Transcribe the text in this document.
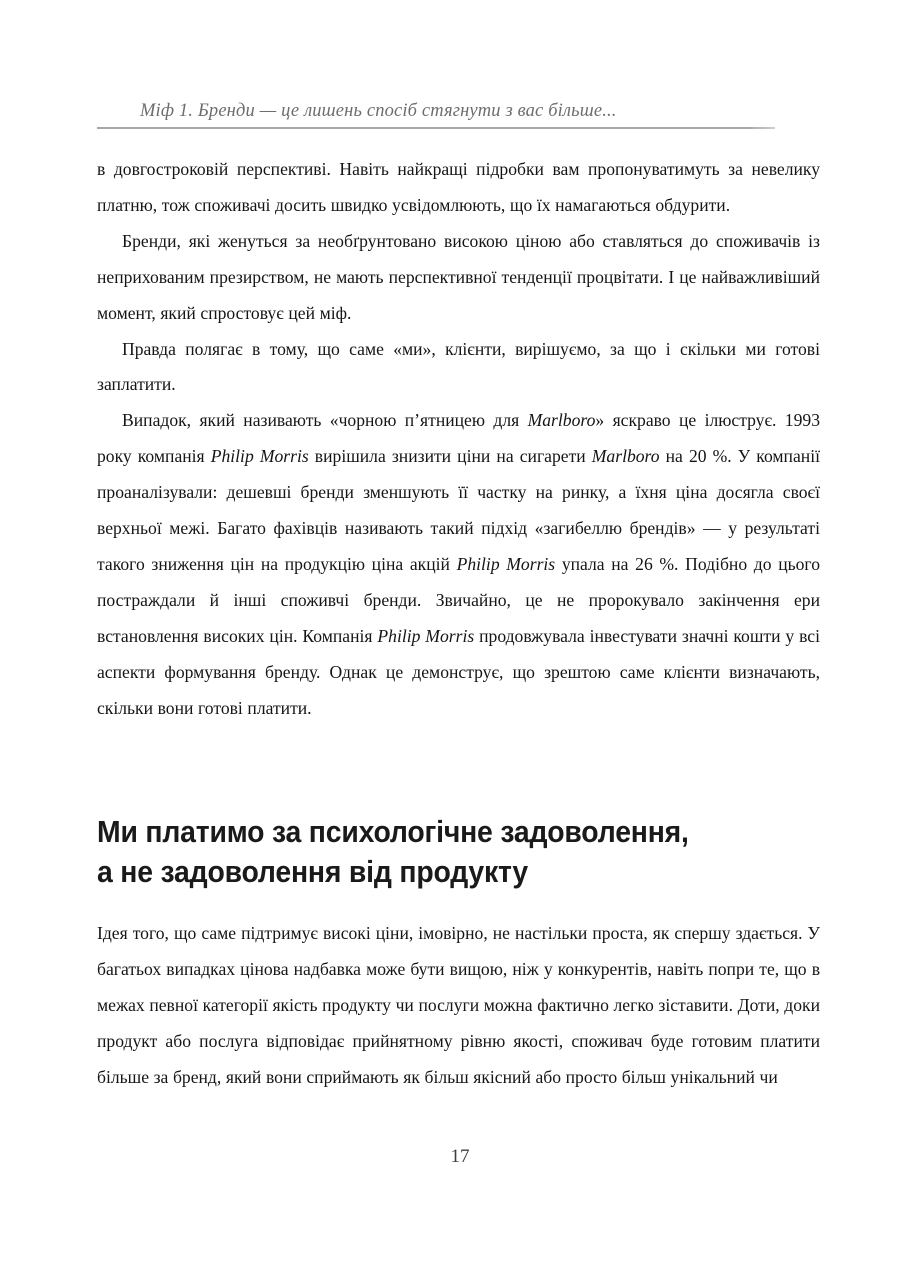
Міф 1. Бренди — це лишень спосіб стягнути з вас більше...

в довгостроковій перспективі. Навіть найкращі підробки вам пропонуватимуть за невелику платню, тож споживачі досить швидко усвідомлюють, що їх намагаються обдурити.

Бренди, які женуться за необґрунтовано високою ціною або ставляться до споживачів із неприхованим презирством, не мають перспективної тенденції процвітати. І це найважливіший момент, який спростовує цей міф.

Правда полягає в тому, що саме «ми», клієнти, вирішуємо, за що і скільки ми готові заплатити.

Випадок, який називають «чорною п’ятницею для Marlboro» яскраво це ілюструє. 1993 року компанія Philip Morris вирішила знизити ціни на сигарети Marlboro на 20 %. У компанії проаналізували: дешевші бренди зменшують її частку на ринку, а їхня ціна досягла своєї верхньої межі. Багато фахівців називають такий підхід «загибеллю брендів» — у результаті такого зниження цін на продукцію ціна акцій Philip Morris упала на 26 %. Подібно до цього постраждали й інші споживчі бренди. Звичайно, це не пророкувало закінчення ери встановлення високих цін. Компанія Philip Morris продовжувала інвестувати значні кошти у всі аспекти формування бренду. Однак це демонструє, що зрештою саме клієнти визначають, скільки вони готові платити.

Ми платимо за психологічне задоволення,
а не задоволення від продукту

Ідея того, що саме підтримує високі ціни, імовірно, не настільки проста, як спершу здається. У багатьох випадках цінова надбавка може бути вищою, ніж у конкурентів, навіть попри те, що в межах певної категорії якість продукту чи послуги можна фактично легко зіставити. Доти, доки продукт або послуга відповідає прийнятному рівню якості, споживач буде готовим платити більше за бренд, який вони сприймають як більш якісний або просто більш унікальний чи

17
